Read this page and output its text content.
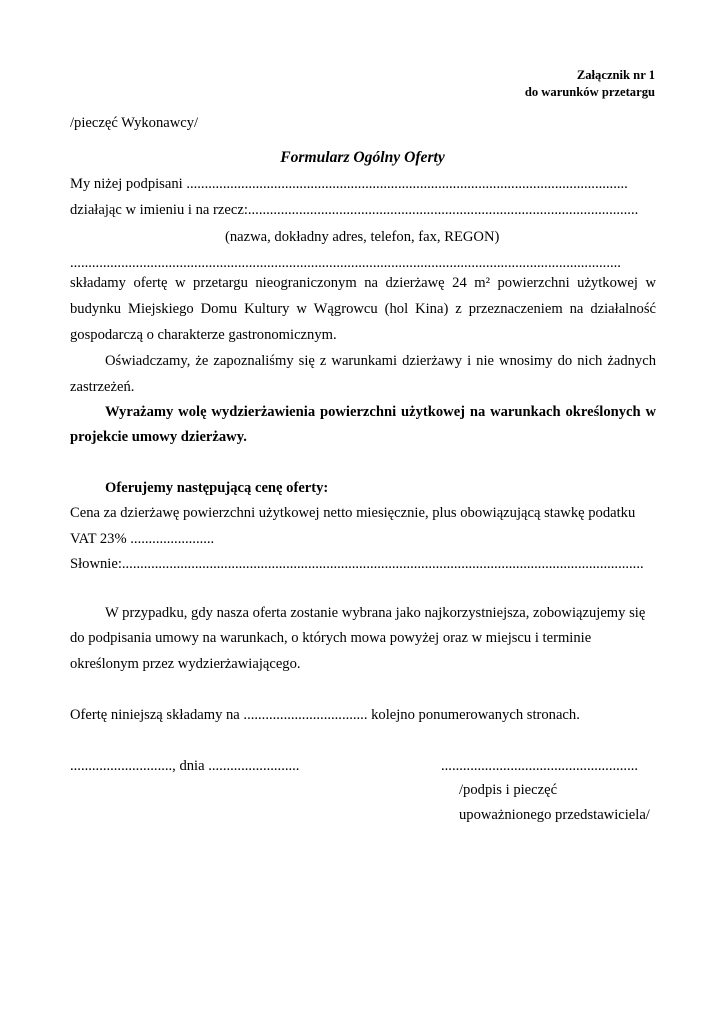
Załącznik nr 1
do warunków przetargu
/pieczęć Wykonawcy/
Formularz Ogólny Oferty
My niżej podpisani .........................................................................................................................
działając w imieniu i na rzecz:...........................................................................................................
(nazwa, dokładny adres, telefon, fax, REGON)
.......................................................................................................................................................
składamy ofertę w przetargu nieograniczonym na dzierżawę 24 m² powierzchni użytkowej w
budynku Miejskiego Domu Kultury w Wągrowcu (hol Kina) z przeznaczeniem na działalność
gospodarczą o charakterze gastronomicznym.
Oświadczamy, że zapoznaliśmy się z warunkami dzierżawy i nie wnosimy do nich żadnych
zastrzeżeń.
Wyrażamy wolę wydzierżawienia powierzchni użytkowej na warunkach określonych w
projekcie umowy dzierżawy.
Oferujemy następującą cenę oferty:
Cena za dzierżawę powierzchni użytkowej netto miesięcznie, plus obowiązującą stawkę podatku
VAT 23% .......................
Słownie:...............................................................................................................................................
W przypadku, gdy nasza oferta zostanie wybrana jako najkorzystniejsza, zobowiązujemy się
do podpisania umowy na warunkach, o których mowa powyżej oraz w miejscu i terminie
określonym przez wydzierżawiającego.
Ofertę niniejszą składamy na .................................. kolejno ponumerowanych stronach.
............................, dnia .........................	......................................................
/podpis i pieczęć
upoważnionego przedstawiciela/
